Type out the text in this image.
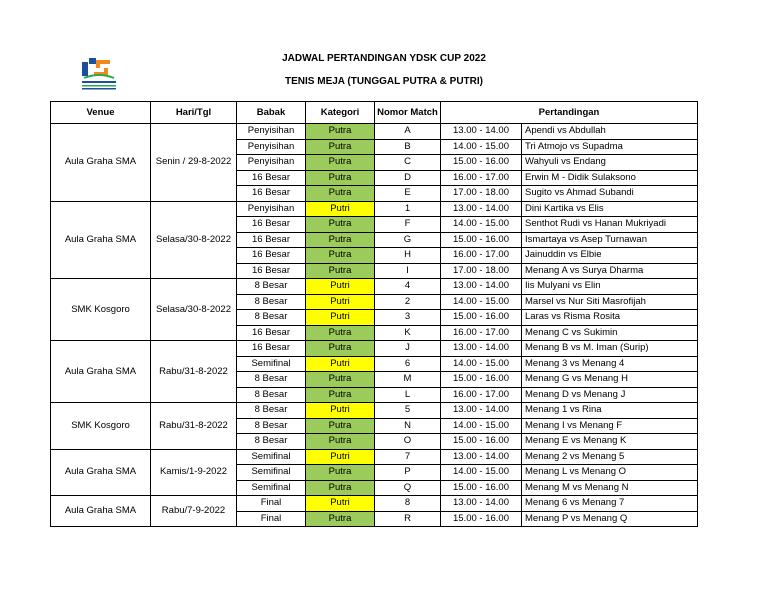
JADWAL PERTANDINGAN YDSK CUP 2022
TENIS MEJA (TUNGGAL PUTRA & PUTRI)
Venue	Hari/Tgl	Babak	Kategori	Nomor Match	Pertandingan	
Aula Graha SMA	Senin / 29-8-2022	Penyisihan	Putra	A	13.00 - 14.00	Apendi vs Abdullah
		Penyisihan	Putra	B	14.00 - 15.00	Tri Atmojo vs Supadma
		Penyisihan	Putra	C	15.00 - 16.00	Wahyuli vs Endang
		16 Besar	Putra	D	16.00 - 17.00	Erwin M - Didik Sulaksono
		16 Besar	Putra	E	17.00 - 18.00	Sugito vs Ahmad Subandi
Aula Graha SMA	Selasa/30-8-2022	Penyisihan	Putri	1	13.00 - 14.00	Dini Kartika vs Elis
		16 Besar	Putra	F	14.00 - 15.00	Senthot Rudi vs Hanan Mukriyadi
		16 Besar	Putra	G	15.00 - 16.00	Ismartaya vs Asep Turnawan
		16 Besar	Putra	H	16.00 - 17.00	Jainuddin vs Elbie
		16 Besar	Putra	I	17.00 - 18.00	Menang A vs Surya Dharma
SMK Kosgoro	Selasa/30-8-2022	8 Besar	Putri	4	13.00 - 14.00	Iis Mulyani vs Elin
		8 Besar	Putri	2	14.00 - 15.00	Marsel vs Nur Siti Masrofijah
		8 Besar	Putri	3	15.00 - 16.00	Laras vs Risma Rosita
		16 Besar	Putra	K	16.00 - 17.00	Menang C vs Sukimin
Aula Graha SMA	Rabu/31-8-2022	16 Besar	Putra	J	13.00 - 14.00	Menang B vs M. Iman (Surip)
		Semifinal	Putri	6	14.00 - 15.00	Menang 3 vs Menang 4
		8 Besar	Putra	M	15.00 - 16.00	Menang G vs Menang H
		8 Besar	Putra	L	16.00 - 17.00	Menang D vs Menang J
SMK Kosgoro	Rabu/31-8-2022	8 Besar	Putri	5	13.00 - 14.00	Menang 1 vs Rina
		8 Besar	Putra	N	14.00 - 15.00	Menang I vs Menang F
		8 Besar	Putra	O	15.00 - 16.00	Menang E vs Menang K
Aula Graha SMA	Kamis/1-9-2022	Semifinal	Putri	7	13.00 - 14.00	Menang 2 vs Menang 5
		Semifinal	Putra	P	14.00 - 15.00	Menang L vs Menang O
		Semifinal	Putra	Q	15.00 - 16.00	Menang M vs Menang N
Aula Graha SMA	Rabu/7-9-2022	Final	Putri	8	13.00 - 14.00	Menang 6 vs Menang 7
		Final	Putra	R	15.00 - 16.00	Menang P vs Menang Q
